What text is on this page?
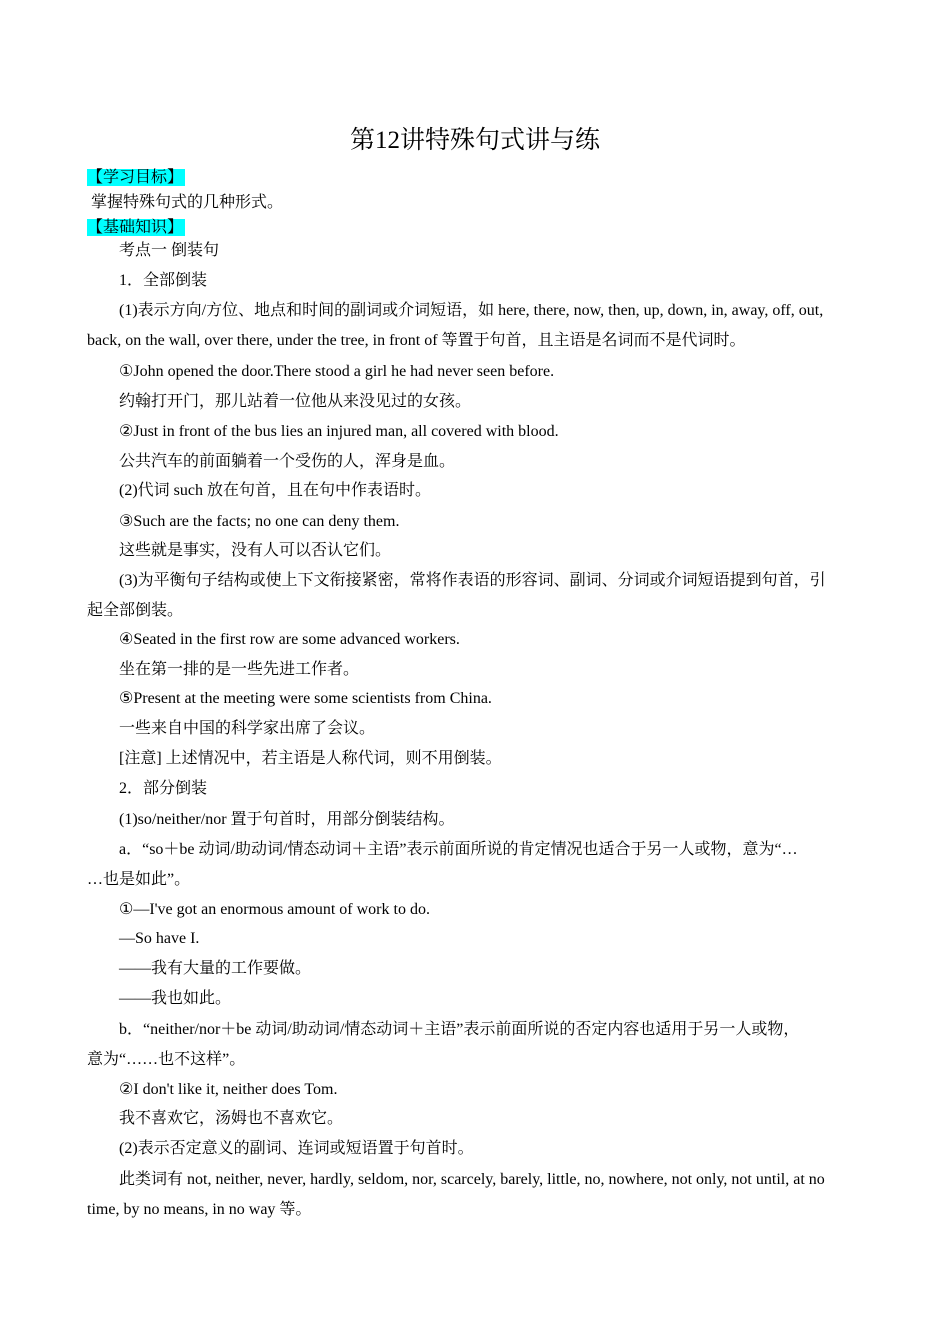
第12讲特殊句式讲与练
【学习目标】
掌握特殊句式的几种形式。
【基础知识】
考点一 倒装句
1．全部倒装
(1)表示方向/方位、地点和时间的副词或介词短语，如 here, there, now, then, up, down, in, away, off, out,
back, on the wall, over there, under the tree, in front of 等置于句首，且主语是名词而不是代词时。
①John opened the door.There stood a girl he had never seen before.
约翰打开门，那儿站着一位他从来没见过的女孩。
②Just in front of the bus lies an injured man, all covered with blood.
公共汽车的前面躺着一个受伤的人，浑身是血。
(2)代词 such 放在句首，且在句中作表语时。
③Such are the facts; no one can deny them.
这些就是事实，没有人可以否认它们。
(3)为平衡句子结构或使上下文衔接紧密，常将作表语的形容词、副词、分词或介词短语提到句首，引
起全部倒装。
④Seated in the first row are some advanced workers.
坐在第一排的是一些先进工作者。
⑤Present at the meeting were some scientists from China.
一些来自中国的科学家出席了会议。
[注意] 上述情况中，若主语是人称代词，则不用倒装。
2．部分倒装
(1)so/neither/nor 置于句首时，用部分倒装结构。
a．“so＋be 动词/助动词/情态动词＋主语”表示前面所说的肯定情况也适合于另一人或物，意为“…
…也是如此”。
①—I've got an enormous amount of work to do.
—So have I.
——我有大量的工作要做。
——我也如此。
b．“neither/nor＋be 动词/助动词/情态动词＋主语”表示前面所说的否定内容也适用于另一人或物，
意为“……也不这样”。
②I don't like it, neither does Tom.
我不喜欢它，汤姆也不喜欢它。
(2)表示否定意义的副词、连词或短语置于句首时。
此类词有 not, neither, never, hardly, seldom, nor, scarcely, barely, little, no, nowhere, not only, not until, at no
time, by no means, in no way 等。
